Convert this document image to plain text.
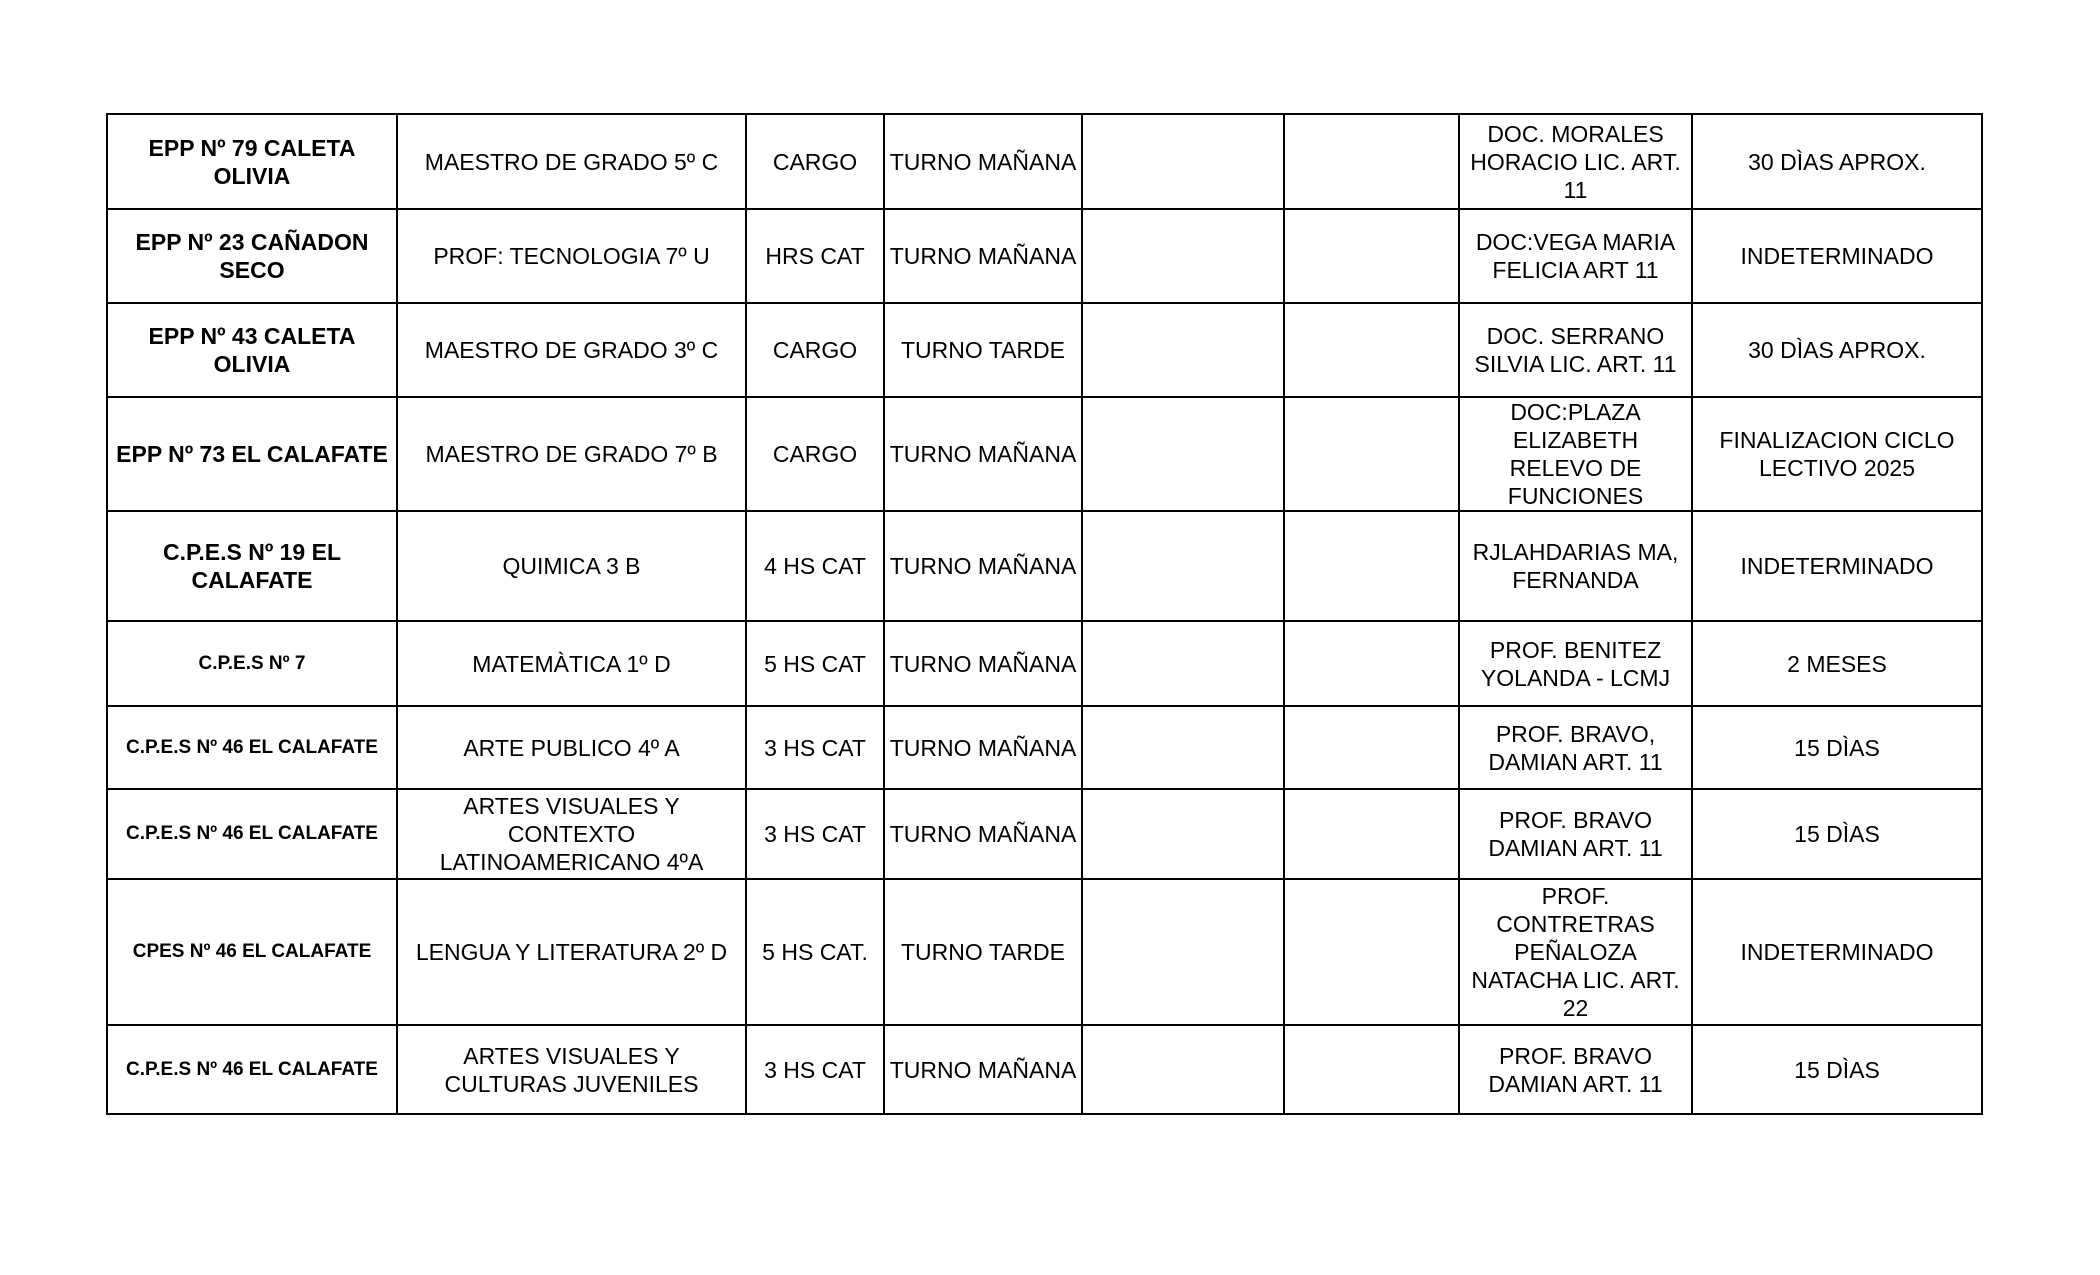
EPP Nº 79 CALETA OLIVIA	MAESTRO DE GRADO 5º C	CARGO	TURNO MAÑANA			DOC. MORALES HORACIO LIC. ART. 11	30 DÌAS APROX.
EPP Nº 23 CAÑADON SECO	PROF: TECNOLOGIA 7º U	HRS CAT	TURNO MAÑANA			DOC:VEGA MARIA FELICIA ART 11	INDETERMINADO
EPP Nº 43 CALETA OLIVIA	MAESTRO DE GRADO 3º C	CARGO	TURNO TARDE			DOC. SERRANO SILVIA LIC. ART. 11	30 DÌAS APROX.
EPP Nº 73 EL CALAFATE	MAESTRO DE GRADO 7º B	CARGO	TURNO MAÑANA			DOC:PLAZA ELIZABETH RELEVO DE FUNCIONES	FINALIZACION CICLO LECTIVO 2025
C.P.E.S Nº 19 EL CALAFATE	QUIMICA 3 B	4 HS CAT	TURNO MAÑANA			RJLAHDARIAS MA, FERNANDA	INDETERMINADO
C.P.E.S Nº 7	MATEMÀTICA 1º D	5 HS CAT	TURNO MAÑANA			PROF. BENITEZ YOLANDA - LCMJ	2 MESES
C.P.E.S Nº 46 EL CALAFATE	ARTE PUBLICO 4º A	3 HS CAT	TURNO MAÑANA			PROF. BRAVO, DAMIAN ART. 11	15 DÌAS
C.P.E.S Nº 46 EL CALAFATE	ARTES VISUALES Y CONTEXTO LATINOAMERICANO 4ºA	3 HS CAT	TURNO MAÑANA			PROF. BRAVO DAMIAN ART. 11	15 DÌAS
CPES Nº 46 EL CALAFATE	LENGUA Y LITERATURA 2º D	5 HS CAT.	TURNO TARDE			PROF. CONTRETRAS PEÑALOZA NATACHA LIC. ART. 22	INDETERMINADO
C.P.E.S Nº 46 EL CALAFATE	ARTES VISUALES Y CULTURAS JUVENILES	3 HS CAT	TURNO MAÑANA			PROF. BRAVO DAMIAN ART. 11	15 DÌAS
